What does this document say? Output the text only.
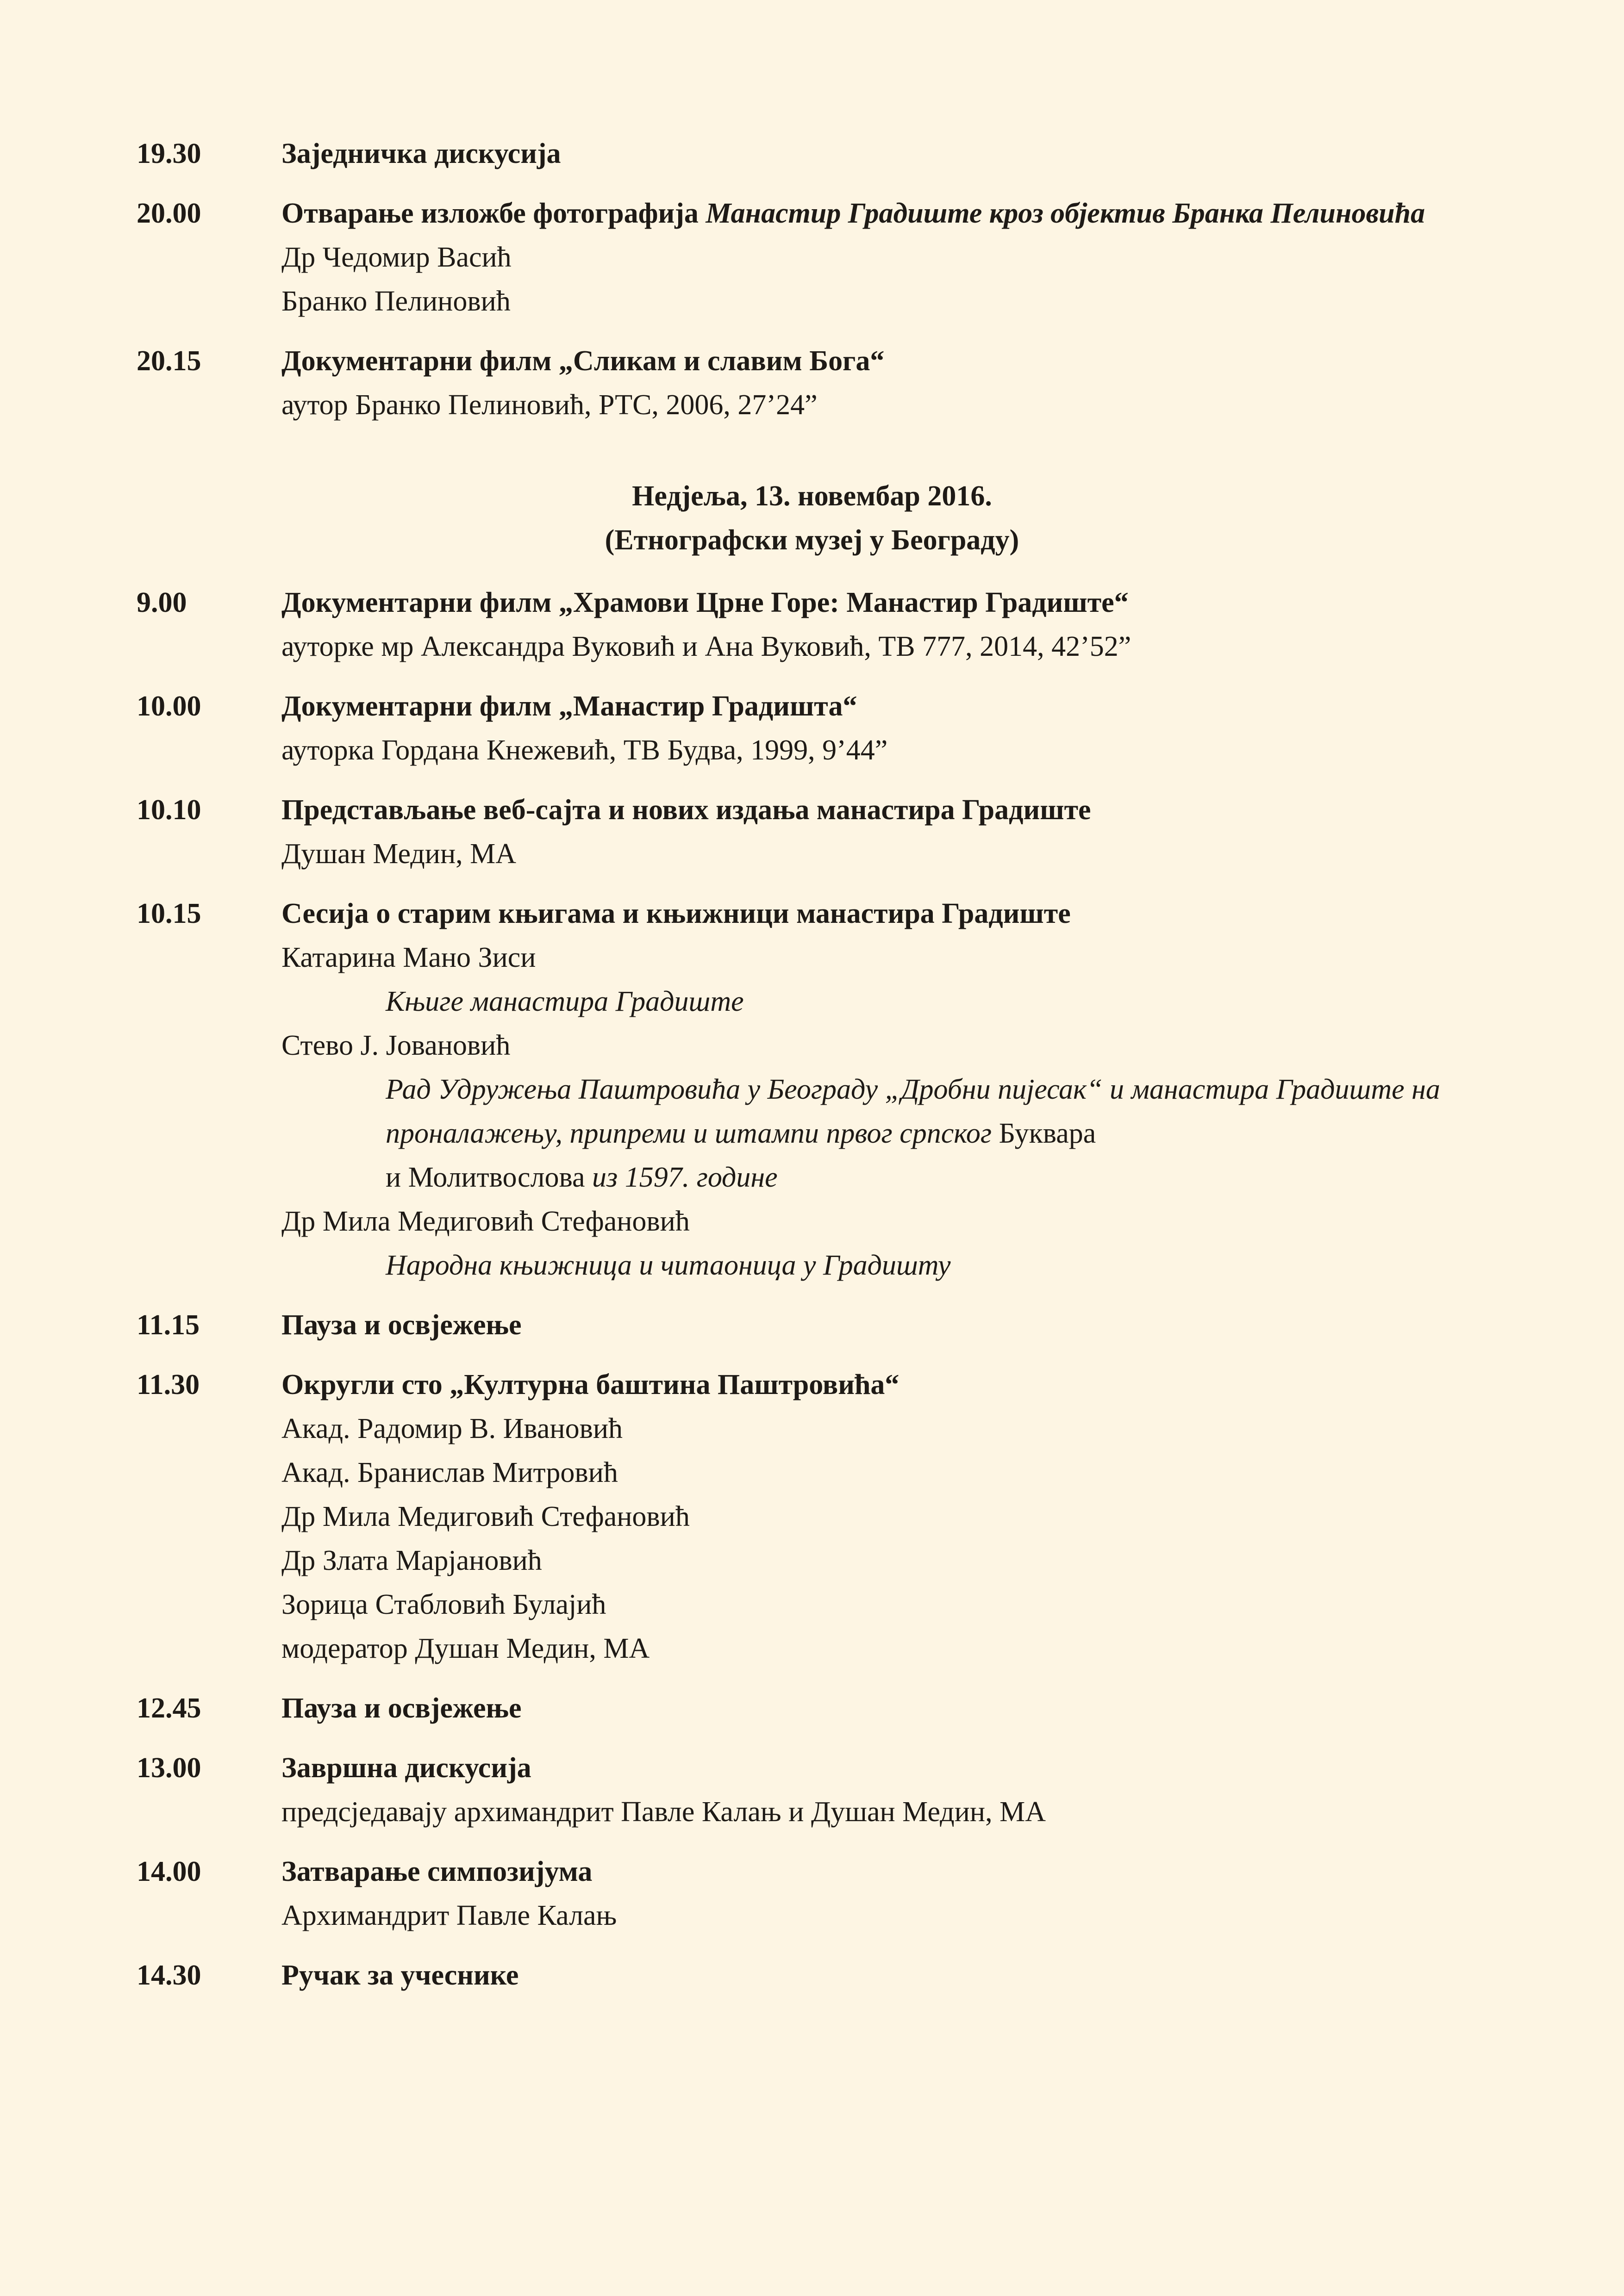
19.30	Заједничка дискусија
20.00	Отварање изложбе фотографија Манастир Градиште кроз објектив Бранка Пелиновића
Др Чедомир Васић
Бранко Пелиновић
20.15	Документарни филм „Сликам и славим Бога“
аутор Бранко Пелиновић, РТС, 2006, 27’24”
Недјеља, 13. новембар 2016.
(Етнографски музеј у Београду)
9.00	Документарни филм „Храмови Црне Горе: Манастир Градиште“
ауторке мр Александра Вуковић и Ана Вуковић, ТВ 777, 2014, 42’52”
10.00	Документарни филм „Манастир Градишта“
ауторка Гордана Кнежевић, ТВ Будва, 1999, 9’44”
10.10	Представљање веб-сајта и нових издања манастира Градиште
Душан Медин, МА
10.15	Сесија о старим књигама и књижници манастира Градиште
Катарина Мано Зиси
Књиге манастира Градиште
Стево Ј. Јовановић
Рад Удружења Паштровића у Београду „Дробни пијесак“ и манастира Градиште на
проналажењу, припреми и штампи првог српског Буквара
и Молитвослова из 1597. године
Др Мила Медиговић Стефановић
Народна књижница и читаоница у Градишту
11.15	Пауза и освјежење
11.30	Округли сто „Културна баштина Паштровића“
Акад. Радомир В. Ивановић
Акад. Бранислав Митровић
Др Мила Медиговић Стефановић
Др Злата Марјановић
Зорица Стабловић Булајић
модератор Душан Медин, МА
12.45	Пауза и освјежење
13.00	Завршна дискусија
предсједавају архимандрит Павле Калањ и Душан Медин, МА
14.00	Затварање симпозијума
Архимандрит Павле Калањ
14.30	Ручак за учеснике
